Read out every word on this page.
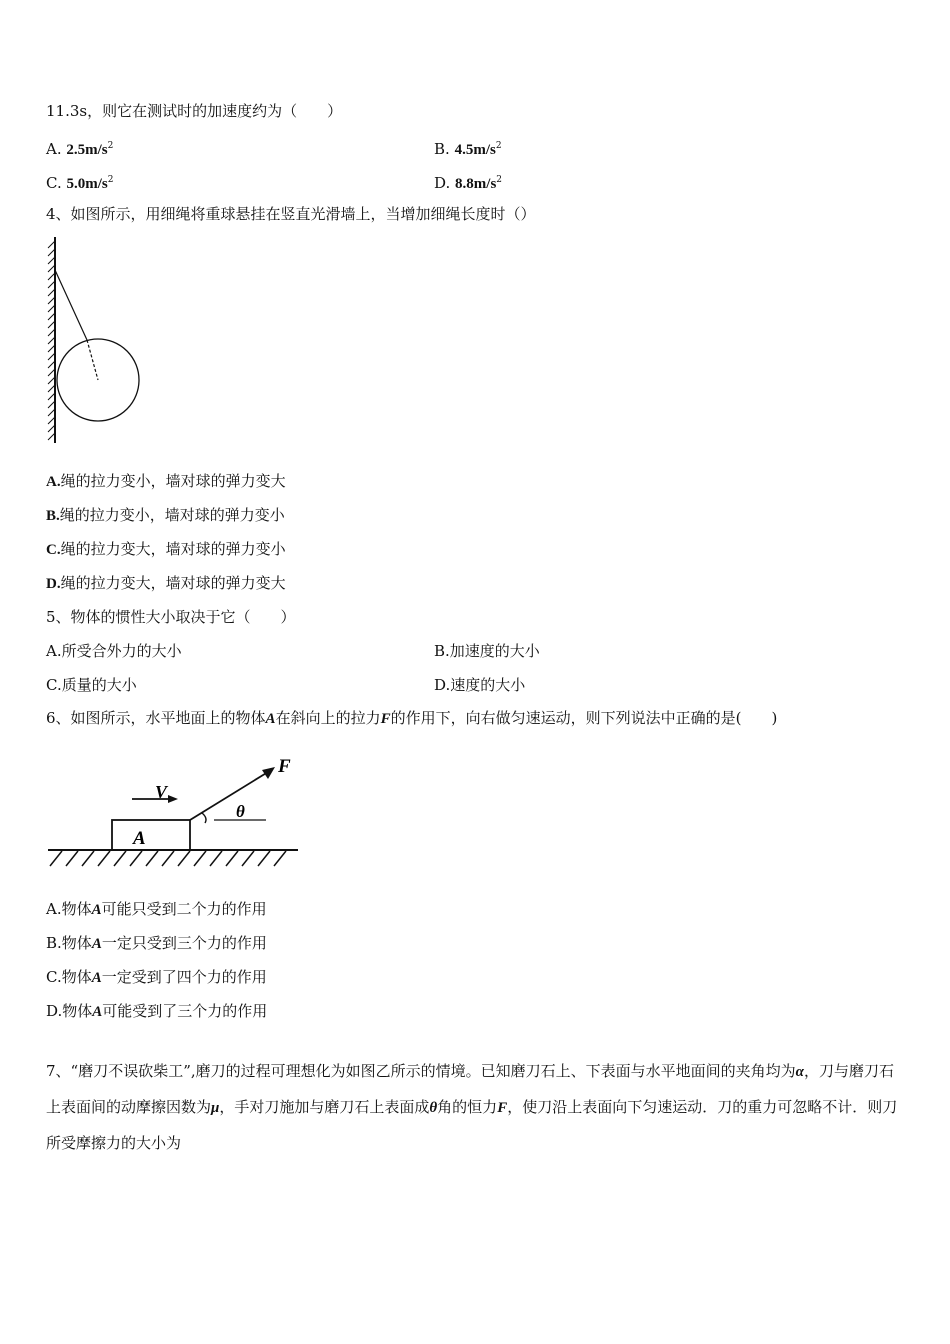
11.3s，则它在测试时的加速度约为（　　）
A. $2.5m/s^2$	B. $4.5m/s^2$
C. $5.0m/s^2$	D. $8.8m/s^2$
4、如图所示，用细绳将重球悬挂在竖直光滑墙上，当增加细绳长度时（）
A.绳的拉力变小，墙对球的弹力变大
B.绳的拉力变小，墙对球的弹力变小
C.绳的拉力变大，墙对球的弹力变小
D.绳的拉力变大，墙对球的弹力变大
5、物体的惯性大小取决于它（　　）
A.所受合外力的大小	B.加速度的大小
C.质量的大小	D.速度的大小
6、如图所示，水平地面上的物体A在斜向上的拉力F的作用下，向右做匀速运动，则下列说法中正确的是(　　)
A
V
F
θ
A.物体A可能只受到二个力的作用
B.物体A一定只受到三个力的作用
C.物体A一定受到了四个力的作用
D.物体A可能受到了三个力的作用
7、“磨刀不误砍柴工”,磨刀的过程可理想化为如图乙所示的情境。已知磨刀石上、下表面与水平地面间的夹角均为α，刀与磨刀石上表面间的动摩擦因数为μ，手对刀施加与磨刀石上表面成θ角的恒力F，使刀沿上表面向下匀速运动．刀的重力可忽略不计．则刀所受摩擦力的大小为
